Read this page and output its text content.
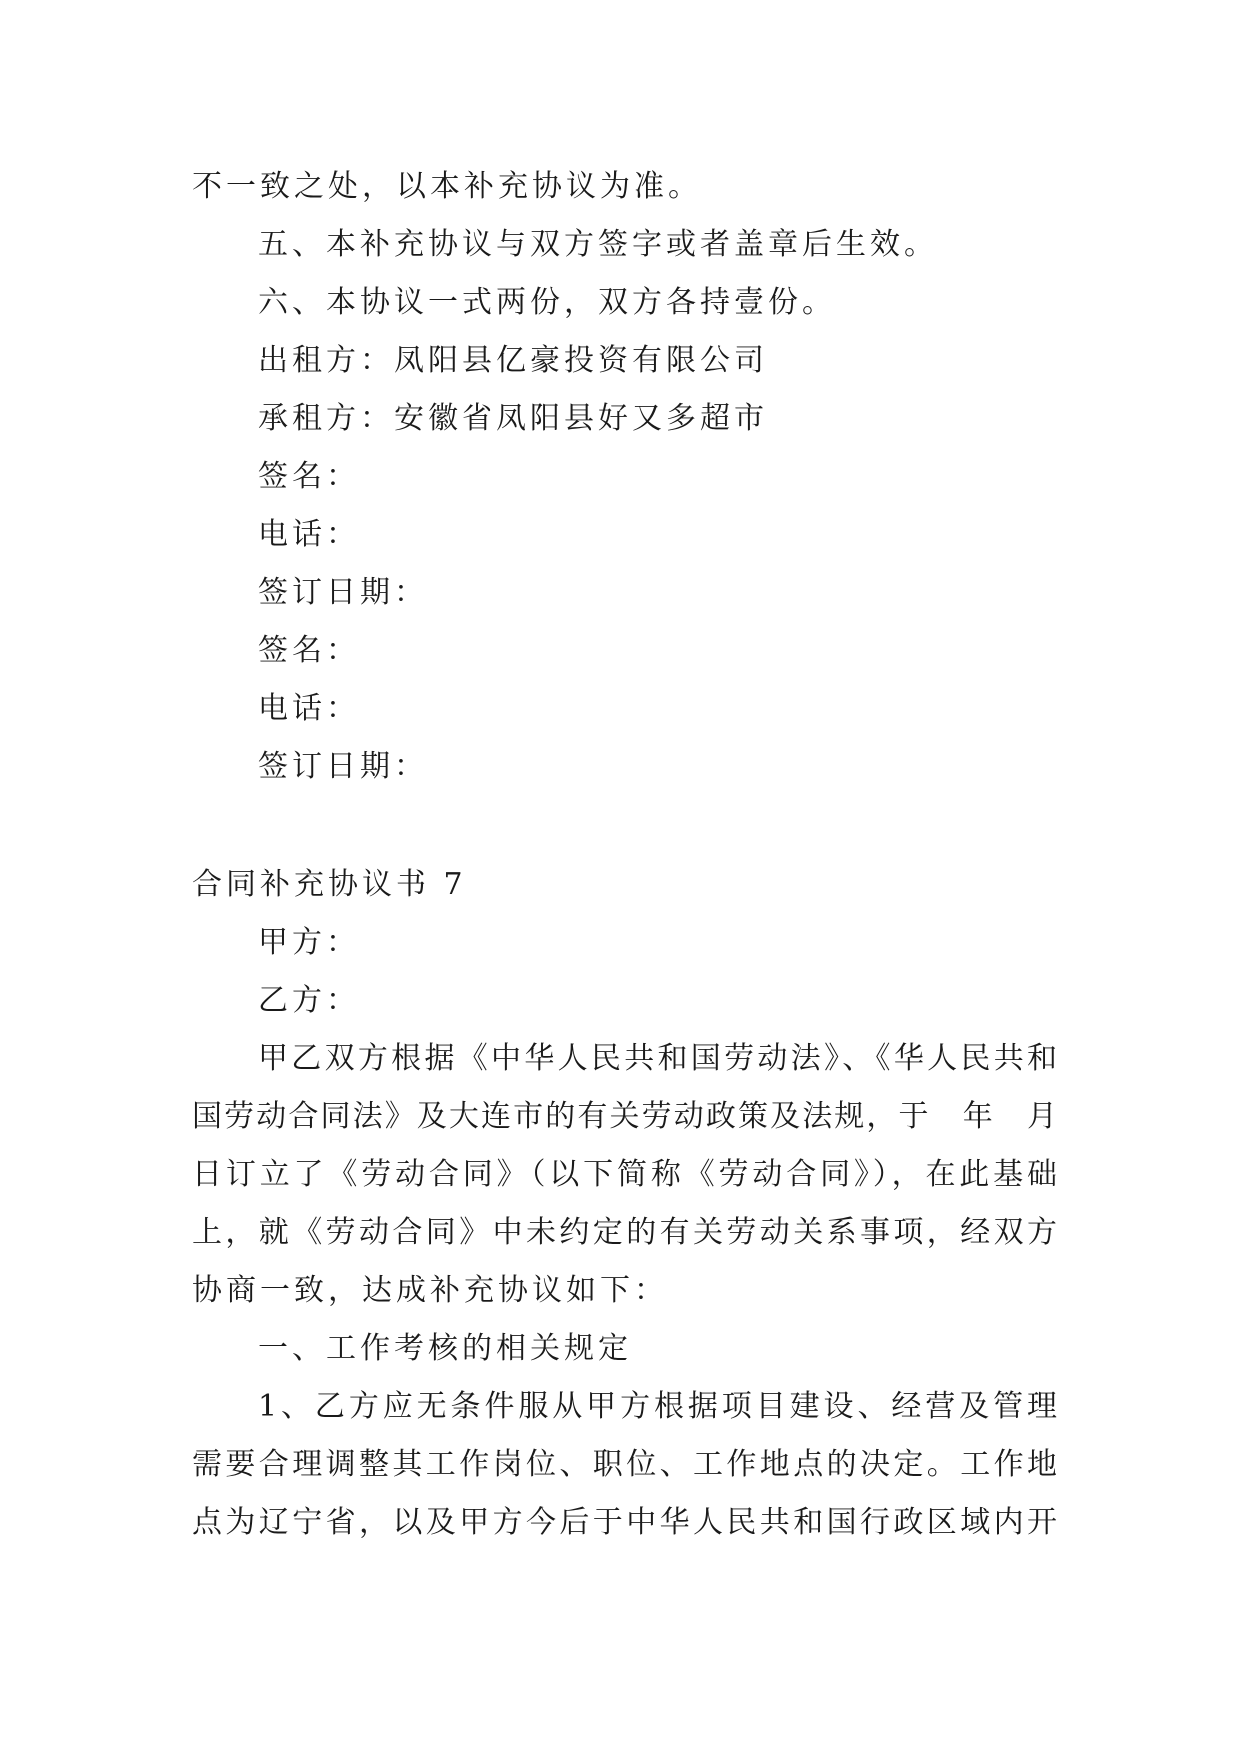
不一致之处，以本补充协议为准。
五、本补充协议与双方签字或者盖章后生效。
六、本协议一式两份，双方各持壹份。
出租方：凤阳县亿豪投资有限公司
承租方：安徽省凤阳县好又多超市
签名：
电话：
签订日期：
签名：
电话：
签订日期：
合同补充协议书 7
甲方：
乙方：
甲乙双方根据《中华人民共和国劳动法》、《华人民共和
国劳动合同法》及大连市的有关劳动政策及法规，于　年　月
日订立了《劳动合同》（以下简称《劳动合同》），在此基础
上，就《劳动合同》中未约定的有关劳动关系事项，经双方
协商一致，达成补充协议如下：
一、工作考核的相关规定
1、乙方应无条件服从甲方根据项目建设、经营及管理
需要合理调整其工作岗位、职位、工作地点的决定。工作地
点为辽宁省，以及甲方今后于中华人民共和国行政区域内开
